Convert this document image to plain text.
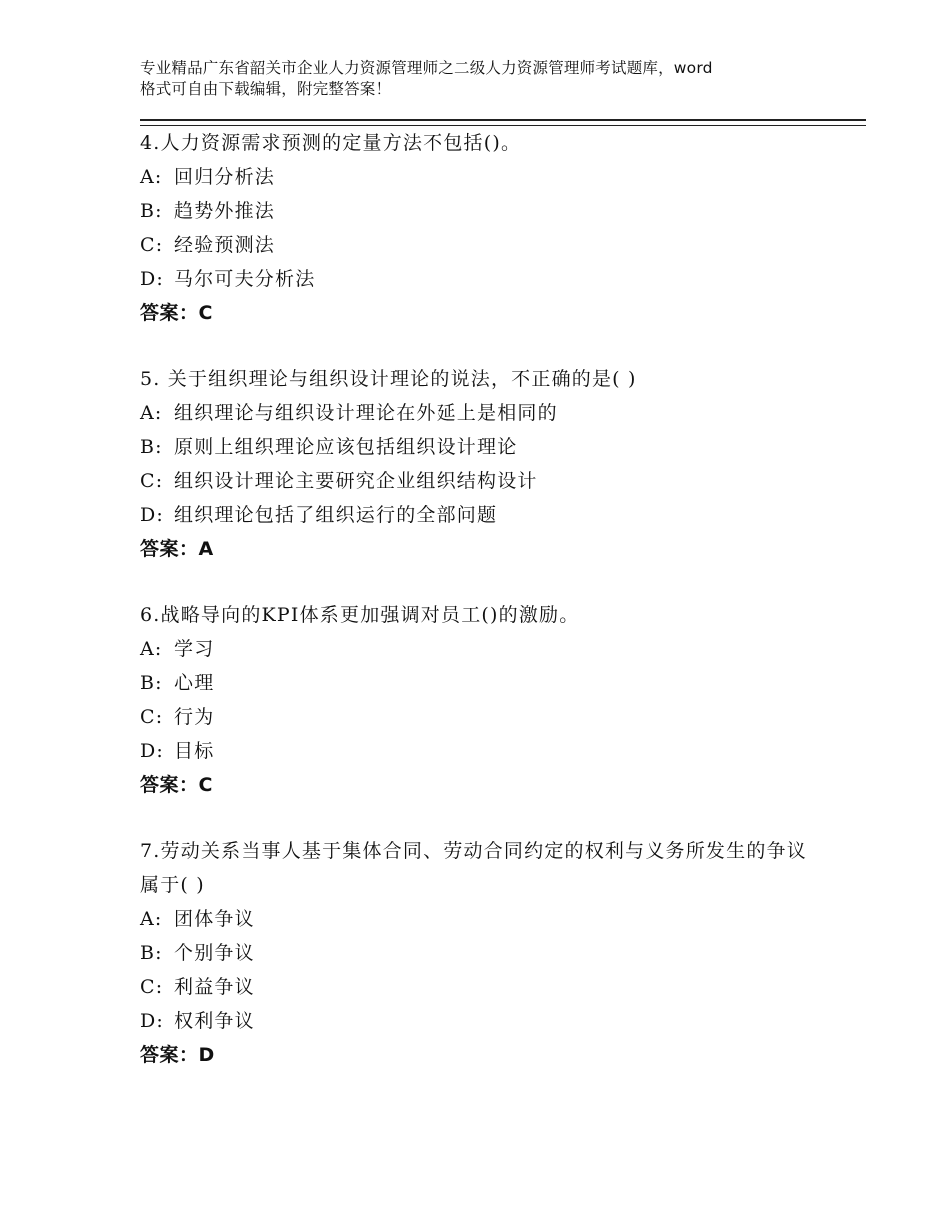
专业精品广东省韶关市企业人力资源管理师之二级人力资源管理师考试题库，word
格式可自由下载编辑，附完整答案！
4.人力资源需求预测的定量方法不包括()。
A: 回归分析法
B: 趋势外推法
C: 经验预测法
D: 马尔可夫分析法
答案：C
5. 关于组织理论与组织设计理论的说法，不正确的是( )
A: 组织理论与组织设计理论在外延上是相同的
B: 原则上组织理论应该包括组织设计理论
C: 组织设计理论主要研究企业组织结构设计
D: 组织理论包括了组织运行的全部问题
答案：A
6.战略导向的KPI体系更加强调对员工()的激励。
A: 学习
B: 心理
C: 行为
D: 目标
答案：C
7.劳动关系当事人基于集体合同、劳动合同约定的权利与义务所发生的争议属于( )
A: 团体争议
B: 个别争议
C: 利益争议
D: 权利争议
答案：D
